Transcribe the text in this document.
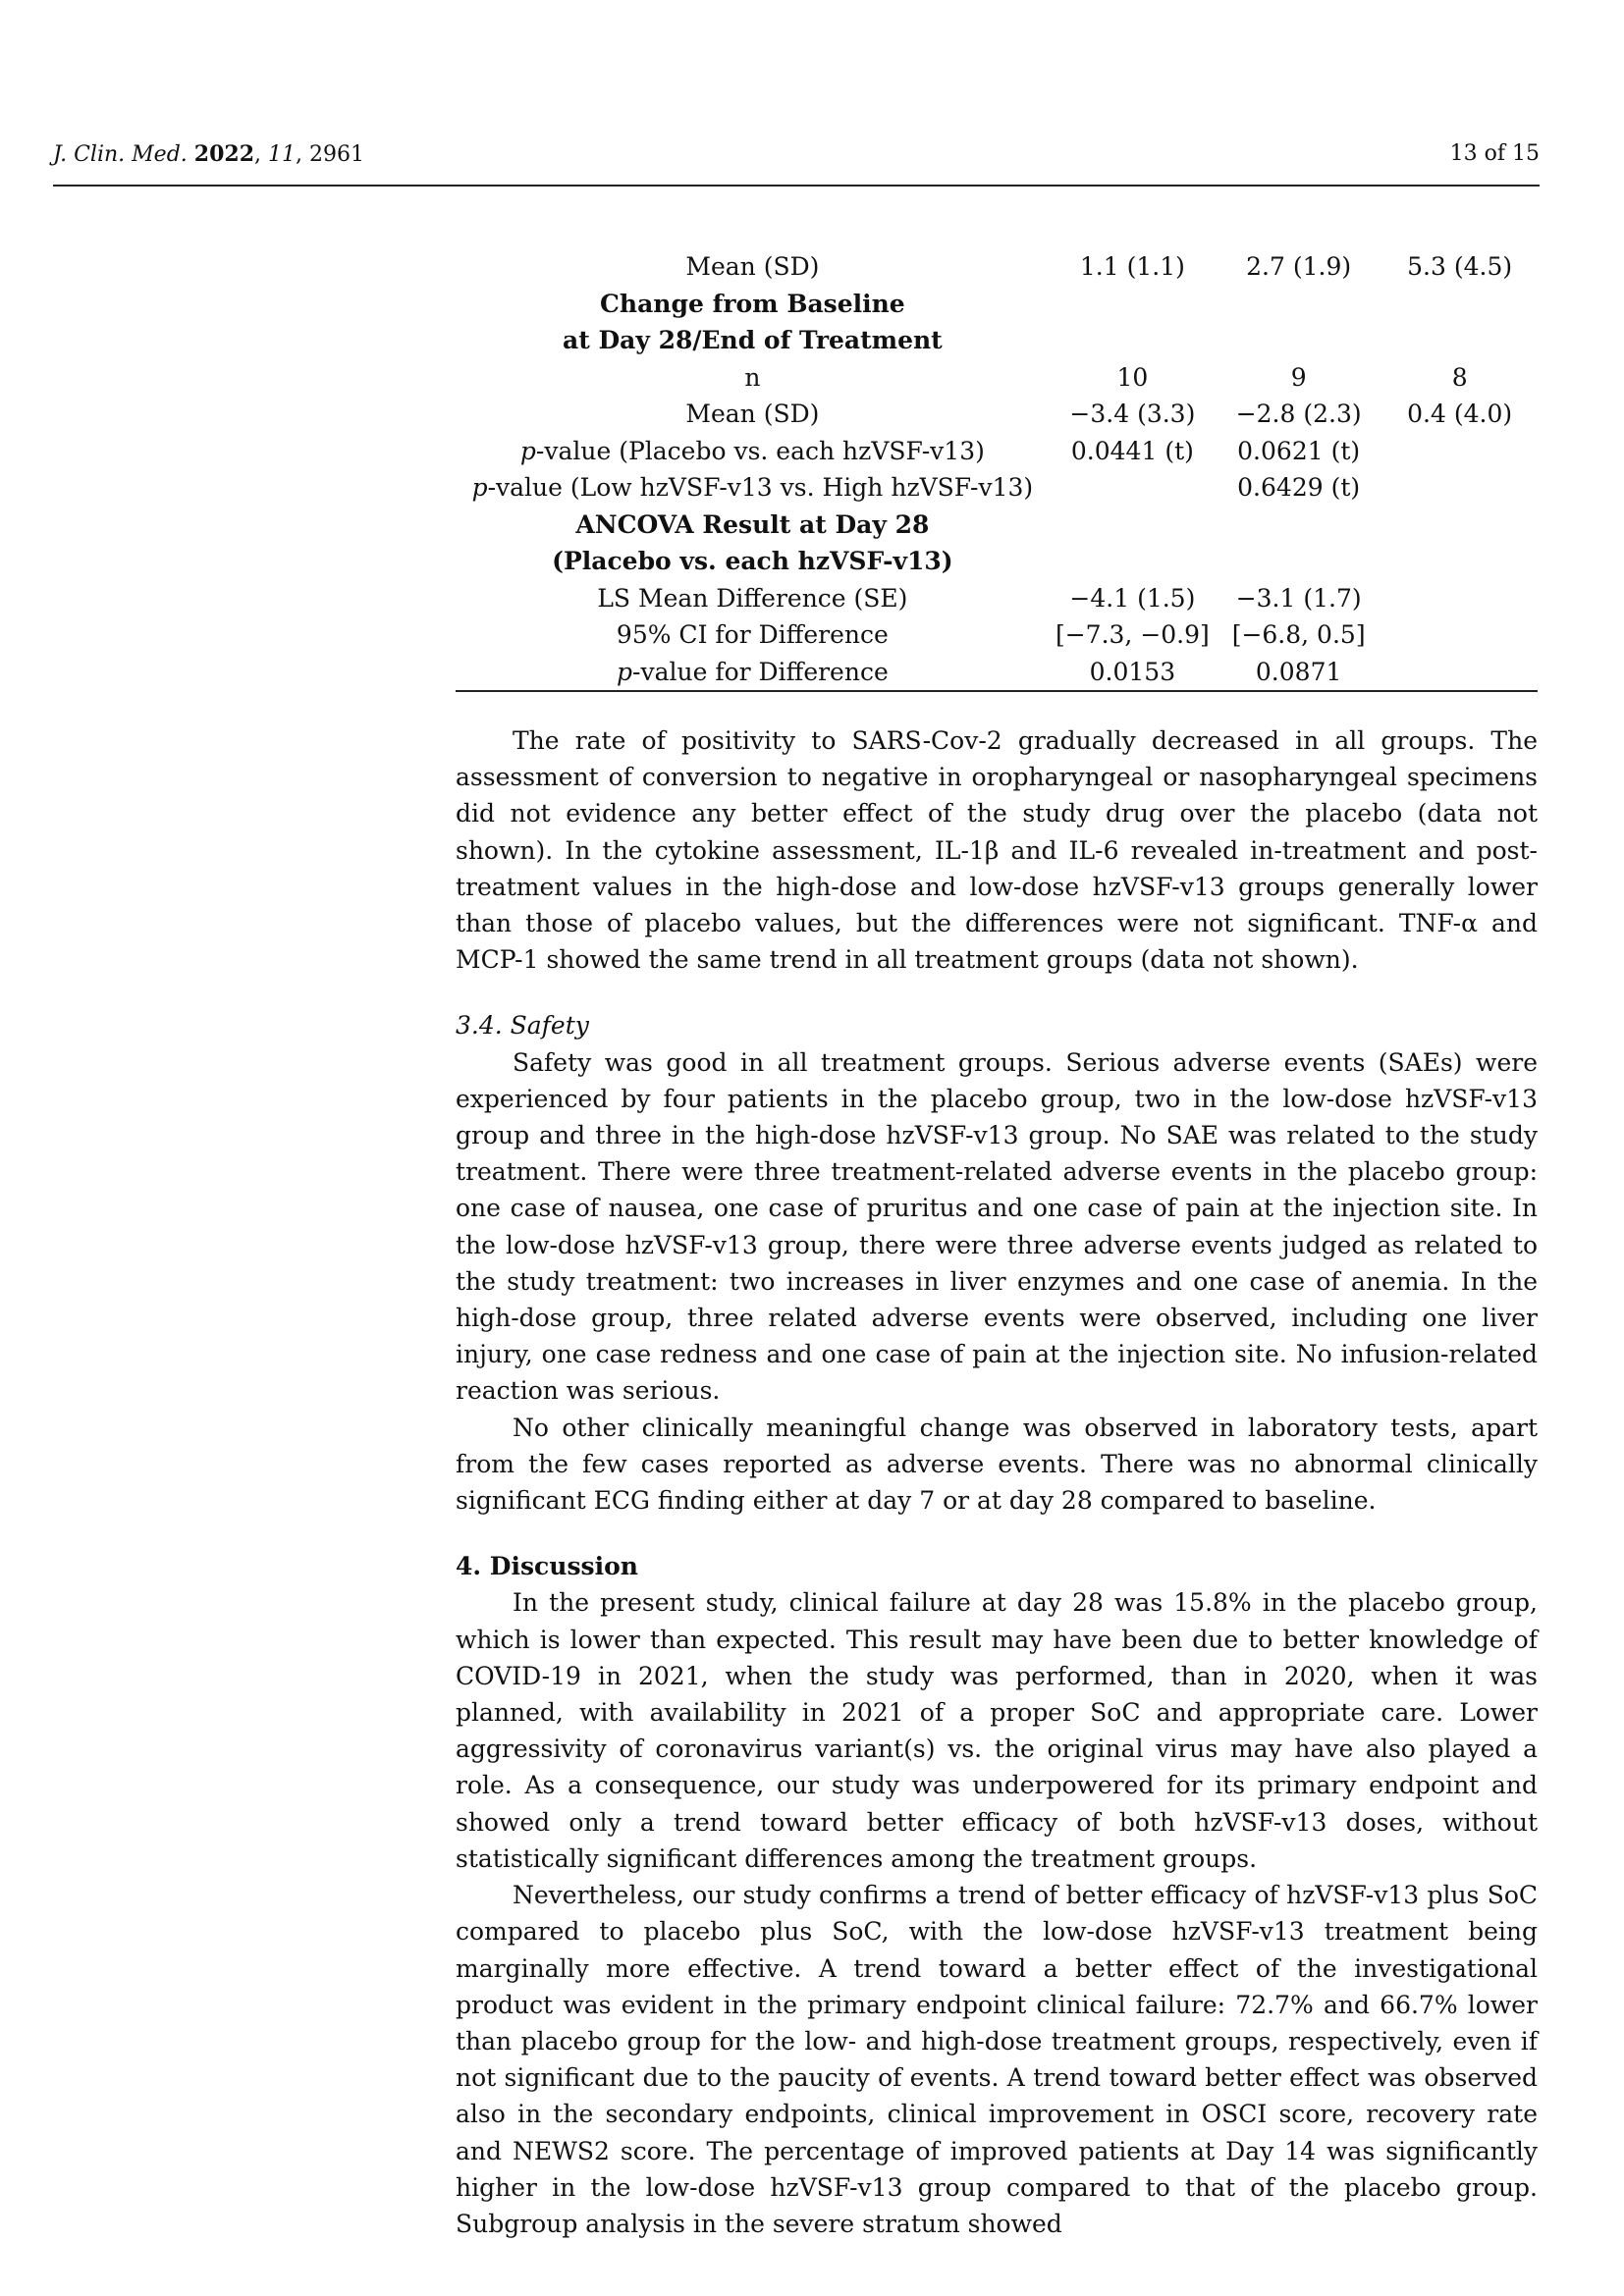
J. Clin. Med. 2022, 11, 2961	13 of 15
Mean (SD)	1.1 (1.1)	2.7 (1.9)	5.3 (4.5)
Change from Baseline			
at Day 28/End of Treatment			
n	10	9	8
Mean (SD)	−3.4 (3.3)	−2.8 (2.3)	0.4 (4.0)
p-value (Placebo vs. each hzVSF-v13)	0.0441 (t)	0.0621 (t)	
p-value (Low hzVSF-v13 vs. High hzVSF-v13)		0.6429 (t)	
ANCOVA Result at Day 28			
(Placebo vs. each hzVSF-v13)			
LS Mean Difference (SE)	−4.1 (1.5)	−3.1 (1.7)	
95% CI for Difference	[−7.3, −0.9]	[−6.8, 0.5]	
p-value for Difference	0.0153	0.0871	

The rate of positivity to SARS-Cov-2 gradually decreased in all groups. The assessment of conversion to negative in oropharyngeal or nasopharyngeal specimens did not evidence any better effect of the study drug over the placebo (data not shown). In the cytokine assessment, IL-1β and IL-6 revealed in-treatment and post-treatment values in the high-dose and low-dose hzVSF-v13 groups generally lower than those of placebo values, but the differences were not significant. TNF-α and MCP-1 showed the same trend in all treatment groups (data not shown).

3.4. Safety

Safety was good in all treatment groups. Serious adverse events (SAEs) were experienced by four patients in the placebo group, two in the low-dose hzVSF-v13 group and three in the high-dose hzVSF-v13 group. No SAE was related to the study treatment. There were three treatment-related adverse events in the placebo group: one case of nausea, one case of pruritus and one case of pain at the injection site. In the low-dose hzVSF-v13 group, there were three adverse events judged as related to the study treatment: two increases in liver enzymes and one case of anemia. In the high-dose group, three related adverse events were observed, including one liver injury, one case redness and one case of pain at the injection site. No infusion-related reaction was serious.

No other clinically meaningful change was observed in laboratory tests, apart from the few cases reported as adverse events. There was no abnormal clinically significant ECG finding either at day 7 or at day 28 compared to baseline.

4. Discussion

In the present study, clinical failure at day 28 was 15.8% in the placebo group, which is lower than expected. This result may have been due to better knowledge of COVID-19 in 2021, when the study was performed, than in 2020, when it was planned, with availability in 2021 of a proper SoC and appropriate care. Lower aggressivity of coronavirus variant(s) vs. the original virus may have also played a role. As a consequence, our study was underpowered for its primary endpoint and showed only a trend toward better efficacy of both hzVSF-v13 doses, without statistically significant differences among the treatment groups.

Nevertheless, our study confirms a trend of better efficacy of hzVSF-v13 plus SoC compared to placebo plus SoC, with the low-dose hzVSF-v13 treatment being marginally more effective. A trend toward a better effect of the investigational product was evident in the primary endpoint clinical failure: 72.7% and 66.7% lower than placebo group for the low- and high-dose treatment groups, respectively, even if not significant due to the paucity of events. A trend toward better effect was observed also in the secondary endpoints, clinical improvement in OSCI score, recovery rate and NEWS2 score. The percentage of improved patients at Day 14 was significantly higher in the low-dose hzVSF-v13 group compared to that of the placebo group. Subgroup analysis in the severe stratum showed
